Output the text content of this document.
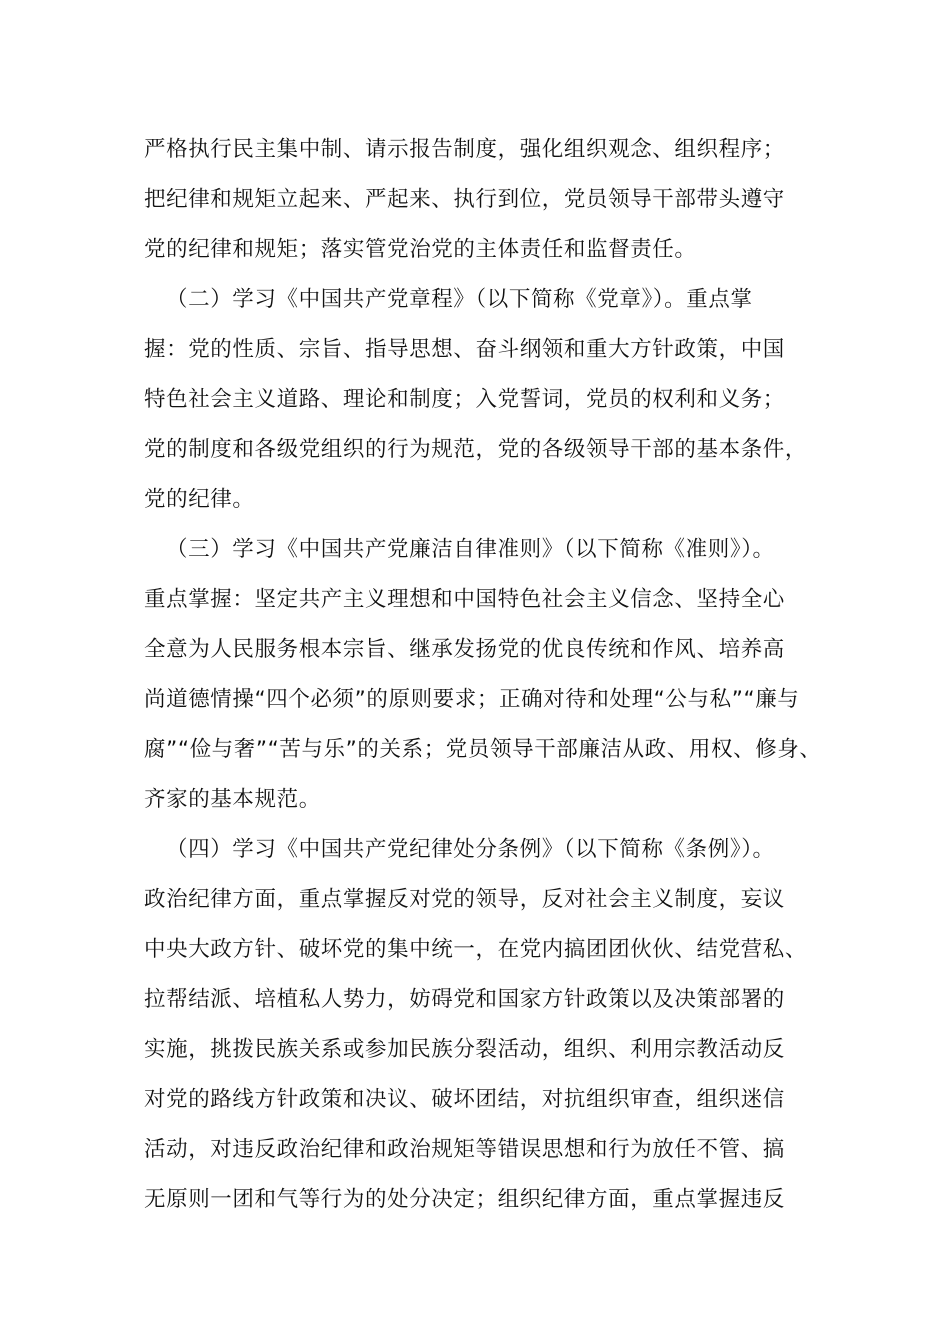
严格执行民主集中制、请示报告制度，强化组织观念、组织程序；

把纪律和规矩立起来、严起来、执行到位，党员领导干部带头遵守

党的纪律和规矩；落实管党治党的主体责任和监督责任。

（二）学习《中国共产党章程》（以下简称《党章》）。重点掌

握：党的性质、宗旨、指导思想、奋斗纲领和重大方针政策，中国

特色社会主义道路、理论和制度；入党誓词，党员的权利和义务；

党的制度和各级党组织的行为规范，党的各级领导干部的基本条件，

党的纪律。

（三）学习《中国共产党廉洁自律准则》（以下简称《准则》）。

重点掌握：坚定共产主义理想和中国特色社会主义信念、坚持全心

全意为人民服务根本宗旨、继承发扬党的优良传统和作风、培养高

尚道德情操“四个必须”的原则要求；正确对待和处理“公与私”“廉与

腐”“俭与奢”“苦与乐”的关系；党员领导干部廉洁从政、用权、修身、

齐家的基本规范。

（四）学习《中国共产党纪律处分条例》（以下简称《条例》）。

政治纪律方面，重点掌握反对党的领导，反对社会主义制度，妄议

中央大政方针、破坏党的集中统一，在党内搞团团伙伙、结党营私、

拉帮结派、培植私人势力，妨碍党和国家方针政策以及决策部署的

实施，挑拨民族关系或参加民族分裂活动，组织、利用宗教活动反

对党的路线方针政策和决议、破坏团结，对抗组织审查，组织迷信

活动，对违反政治纪律和政治规矩等错误思想和行为放任不管、搞

无原则一团和气等行为的处分决定；组织纪律方面，重点掌握违反
